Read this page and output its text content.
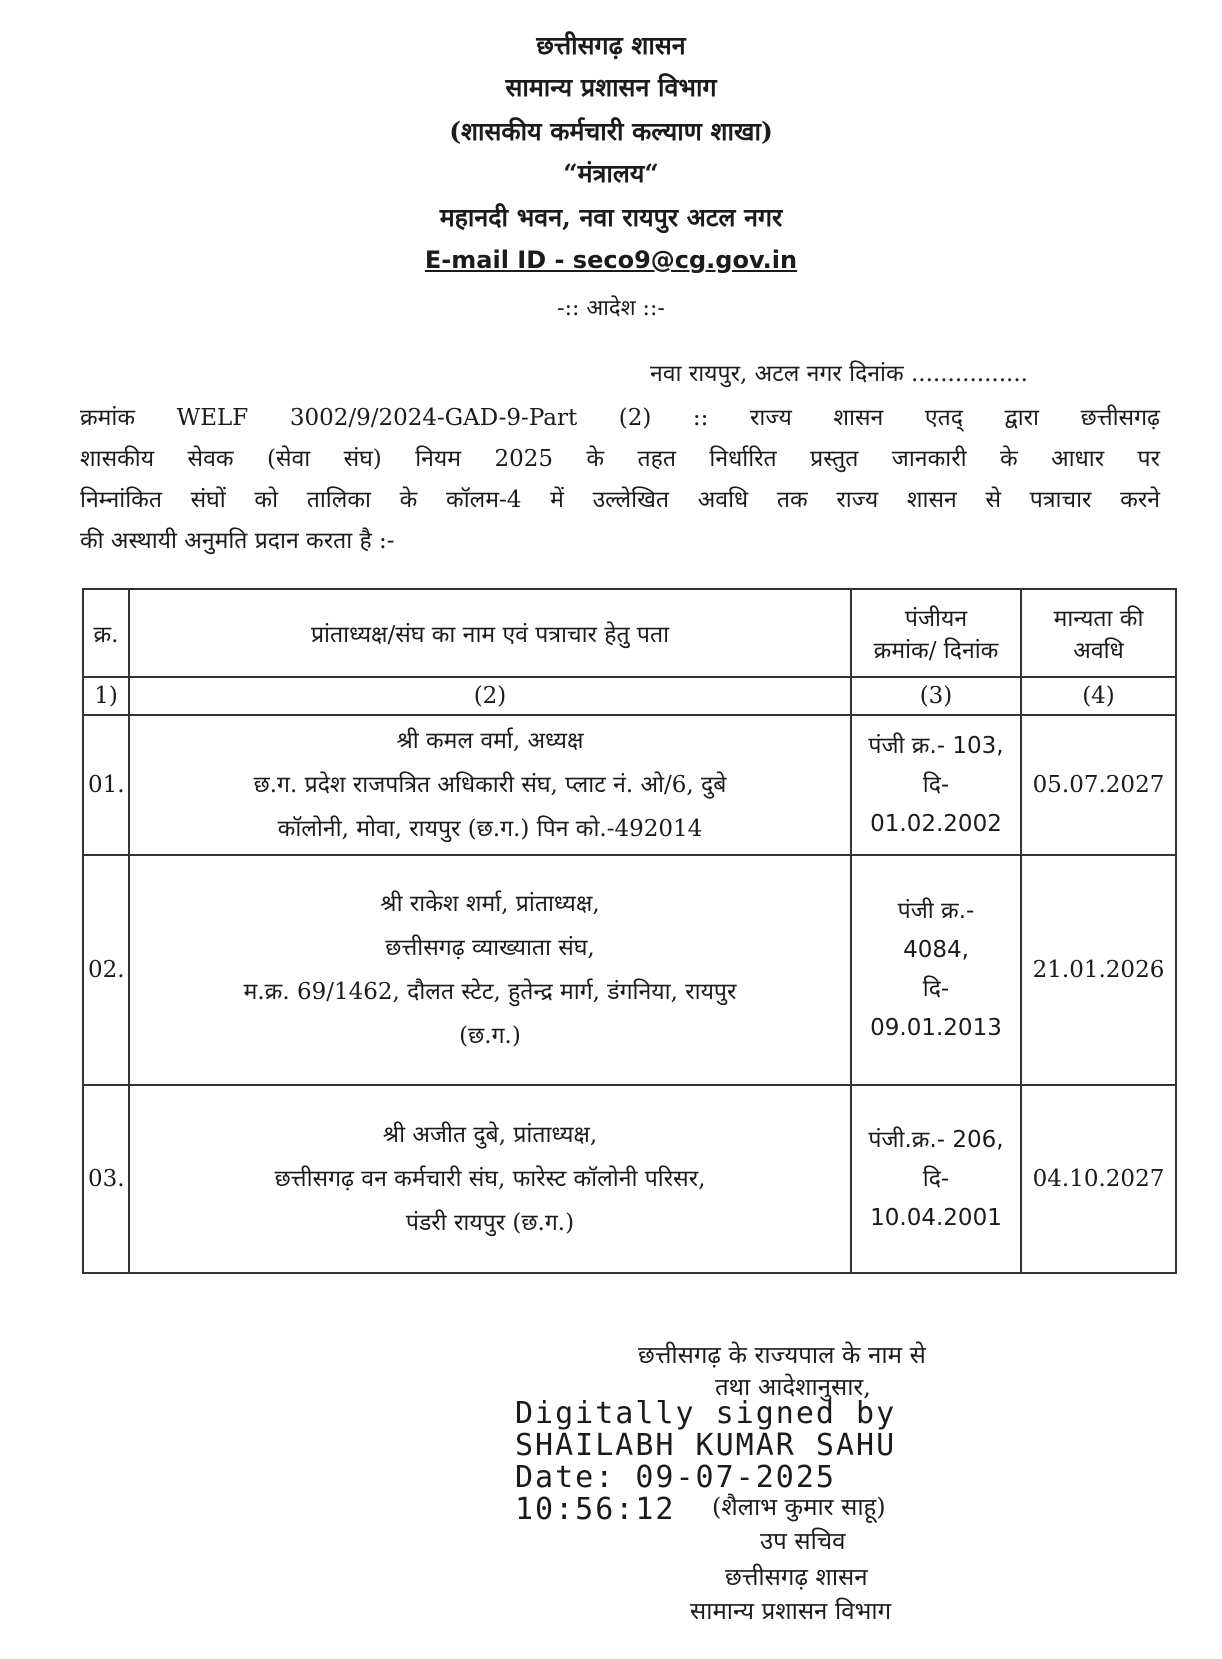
छत्तीसगढ़ शासन
सामान्य प्रशासन विभाग
(शासकीय कर्मचारी कल्याण शाखा)
“मंत्रालय“
महानदी भवन, नवा रायपुर अटल नगर
E-mail ID - seco9@cg.gov.in
-:: आदेश ::-
नवा रायपुर, अटल नगर दिनांक ................
क्रमांक WELF 3002/9/2024-GAD-9-Part (2) :: राज्य शासन एतद् द्वारा छत्तीसगढ़
शासकीय सेवक (सेवा संघ) नियम 2025 के तहत निर्धारित प्रस्तुत जानकारी के आधार पर
निम्नांकित संघों को तालिका के कॉलम-4 में उल्लेखित अवधि तक राज्य शासन से पत्राचार करने
की अस्थायी अनुमति प्रदान करता है :-
क्र.	प्रांताध्यक्ष/संघ का नाम एवं पत्राचार हेतु पता	पंजीयन
क्रमांक/ दिनांक	मान्यता की
अवधि

1)	(2)	(3)	(4)
01.	श्री कमल वर्मा, अध्यक्ष
छ.ग. प्रदेश राजपत्रित अधिकारी संघ, प्लाट नं. ओ/6, दुबे
कॉलोनी, मोवा, रायपुर (छ.ग.) पिन को.-492014	पंजी क्र.- 103,
दि-
01.02.2002	05.07.2027
02.	श्री राकेश शर्मा, प्रांताध्यक्ष,
छत्तीसगढ़ व्याख्याता संघ,
म.क्र. 69/1462, दौलत स्टेट, हुतेन्द्र मार्ग, डंगनिया, रायपुर
(छ.ग.)	पंजी क्र.-
4084,
दि-
09.01.2013	21.01.2026
03.	श्री अजीत दुबे, प्रांताध्यक्ष,
छत्तीसगढ़ वन कर्मचारी संघ, फारेस्ट कॉलोनी परिसर,
पंडरी रायपुर (छ.ग.)	पंजी.क्र.- 206,
दि-
10.04.2001	04.10.2027
छत्तीसगढ़ के राज्यपाल के नाम से
तथा आदेशानुसार,
Digitally signed by
SHAILABH KUMAR SAHU
Date: 09-07-2025
10:56:12 (शैलाभ कुमार साहू)
उप सचिव
छत्तीसगढ़ शासन
सामान्य प्रशासन विभाग
